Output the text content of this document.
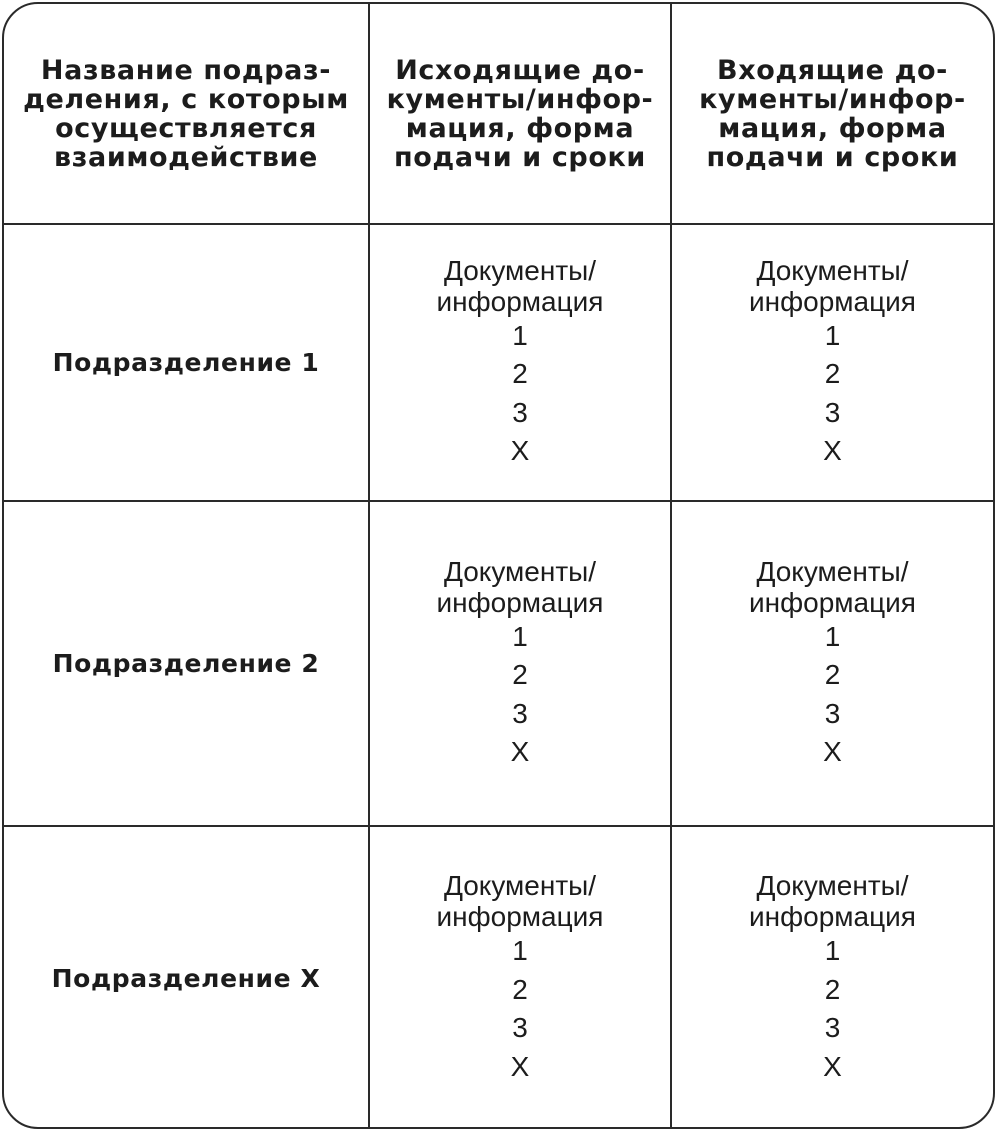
Название подраз-
деления, с которым
осуществляется
взаимодействие
Исходящие до-
кументы/инфор-
мация, форма
подачи и сроки
Входящие до-
кументы/инфор-
мация, форма
подачи и сроки
Подразделение 1
Документы/
информация
1
2
3
X
Документы/
информация
1
2
3
X
Подразделение 2
Документы/
информация
1
2
3
X
Документы/
информация
1
2
3
X
Подразделение X
Документы/
информация
1
2
3
X
Документы/
информация
1
2
3
X
